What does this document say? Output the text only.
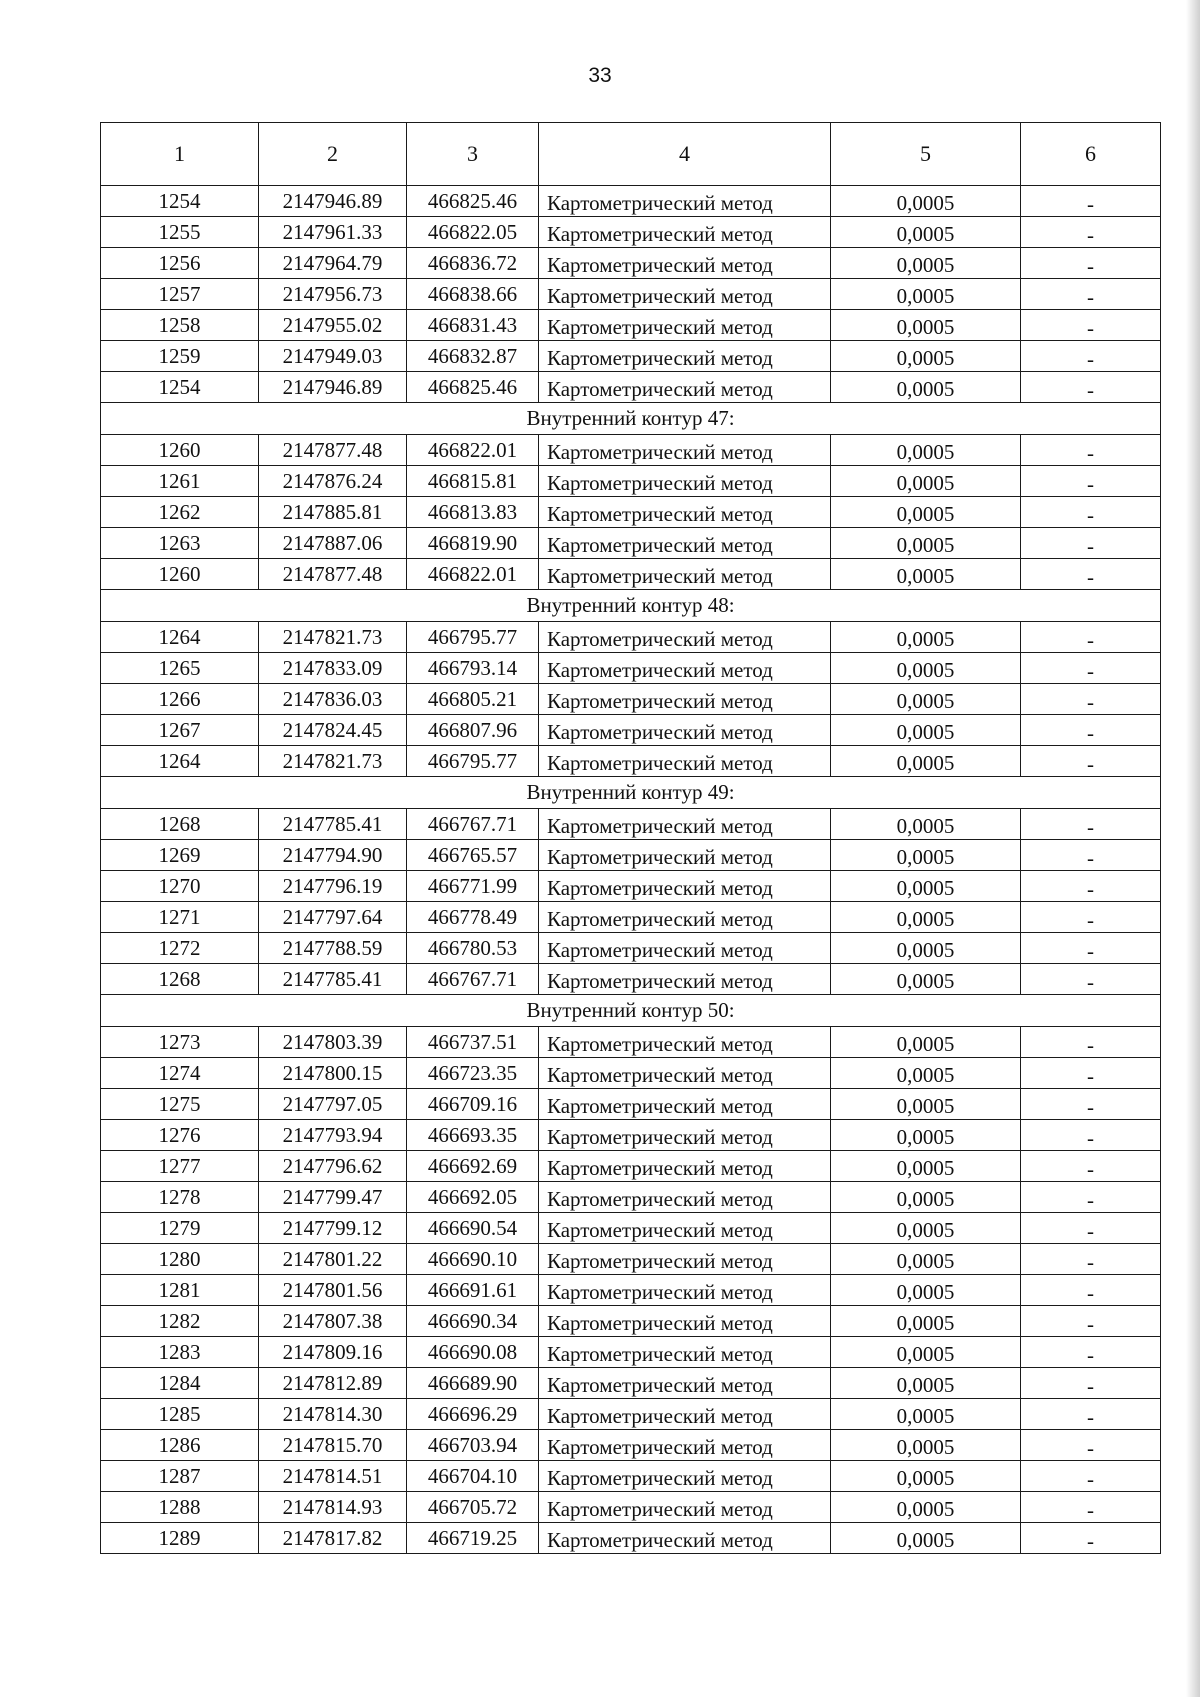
33
1	2	3	4	5	6
1254	2147946.89	466825.46	Картометрический метод	0,0005	-
1255	2147961.33	466822.05	Картометрический метод	0,0005	-
1256	2147964.79	466836.72	Картометрический метод	0,0005	-
1257	2147956.73	466838.66	Картометрический метод	0,0005	-
1258	2147955.02	466831.43	Картометрический метод	0,0005	-
1259	2147949.03	466832.87	Картометрический метод	0,0005	-
1254	2147946.89	466825.46	Картометрический метод	0,0005	-
Внутренний контур 47:					
1260	2147877.48	466822.01	Картометрический метод	0,0005	-
1261	2147876.24	466815.81	Картометрический метод	0,0005	-
1262	2147885.81	466813.83	Картометрический метод	0,0005	-
1263	2147887.06	466819.90	Картометрический метод	0,0005	-
1260	2147877.48	466822.01	Картометрический метод	0,0005	-
Внутренний контур 48:					
1264	2147821.73	466795.77	Картометрический метод	0,0005	-
1265	2147833.09	466793.14	Картометрический метод	0,0005	-
1266	2147836.03	466805.21	Картометрический метод	0,0005	-
1267	2147824.45	466807.96	Картометрический метод	0,0005	-
1264	2147821.73	466795.77	Картометрический метод	0,0005	-
Внутренний контур 49:					
1268	2147785.41	466767.71	Картометрический метод	0,0005	-
1269	2147794.90	466765.57	Картометрический метод	0,0005	-
1270	2147796.19	466771.99	Картометрический метод	0,0005	-
1271	2147797.64	466778.49	Картометрический метод	0,0005	-
1272	2147788.59	466780.53	Картометрический метод	0,0005	-
1268	2147785.41	466767.71	Картометрический метод	0,0005	-
Внутренний контур 50:					
1273	2147803.39	466737.51	Картометрический метод	0,0005	-
1274	2147800.15	466723.35	Картометрический метод	0,0005	-
1275	2147797.05	466709.16	Картометрический метод	0,0005	-
1276	2147793.94	466693.35	Картометрический метод	0,0005	-
1277	2147796.62	466692.69	Картометрический метод	0,0005	-
1278	2147799.47	466692.05	Картометрический метод	0,0005	-
1279	2147799.12	466690.54	Картометрический метод	0,0005	-
1280	2147801.22	466690.10	Картометрический метод	0,0005	-
1281	2147801.56	466691.61	Картометрический метод	0,0005	-
1282	2147807.38	466690.34	Картометрический метод	0,0005	-
1283	2147809.16	466690.08	Картометрический метод	0,0005	-
1284	2147812.89	466689.90	Картометрический метод	0,0005	-
1285	2147814.30	466696.29	Картометрический метод	0,0005	-
1286	2147815.70	466703.94	Картометрический метод	0,0005	-
1287	2147814.51	466704.10	Картометрический метод	0,0005	-
1288	2147814.93	466705.72	Картометрический метод	0,0005	-
1289	2147817.82	466719.25	Картометрический метод	0,0005	-
